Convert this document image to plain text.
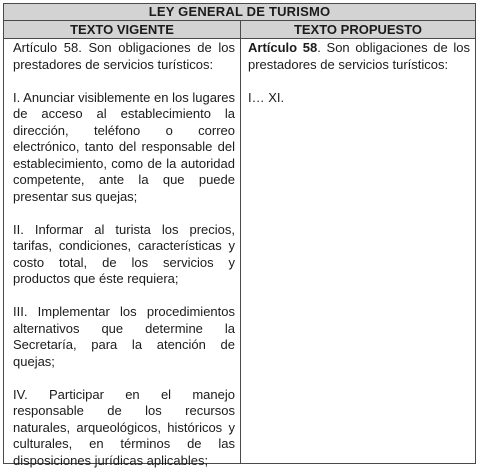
LEY GENERAL DE TURISMO
TEXTO VIGENTE	TEXTO PROPUESTO

Artículo 58. Son obligaciones de los prestadores de servicios turísticos:

I. Anunciar visiblemente en los lugares de acceso al establecimiento la dirección, teléfono o correo electrónico, tanto del responsable del establecimiento, como de la autoridad competente, ante la que puede presentar sus quejas;

II. Informar al turista los precios, tarifas, condiciones, características y costo total, de los servicios y productos que éste requiera;

III. Implementar los procedimientos alternativos que determine la Secretaría, para la atención de quejas;

IV. Participar en el manejo responsable de los recursos naturales, arqueológicos, históricos y culturales, en términos de las disposiciones jurídicas aplicables;

Artículo 58. Son obligaciones de los prestadores de servicios turísticos:

I… XI.
